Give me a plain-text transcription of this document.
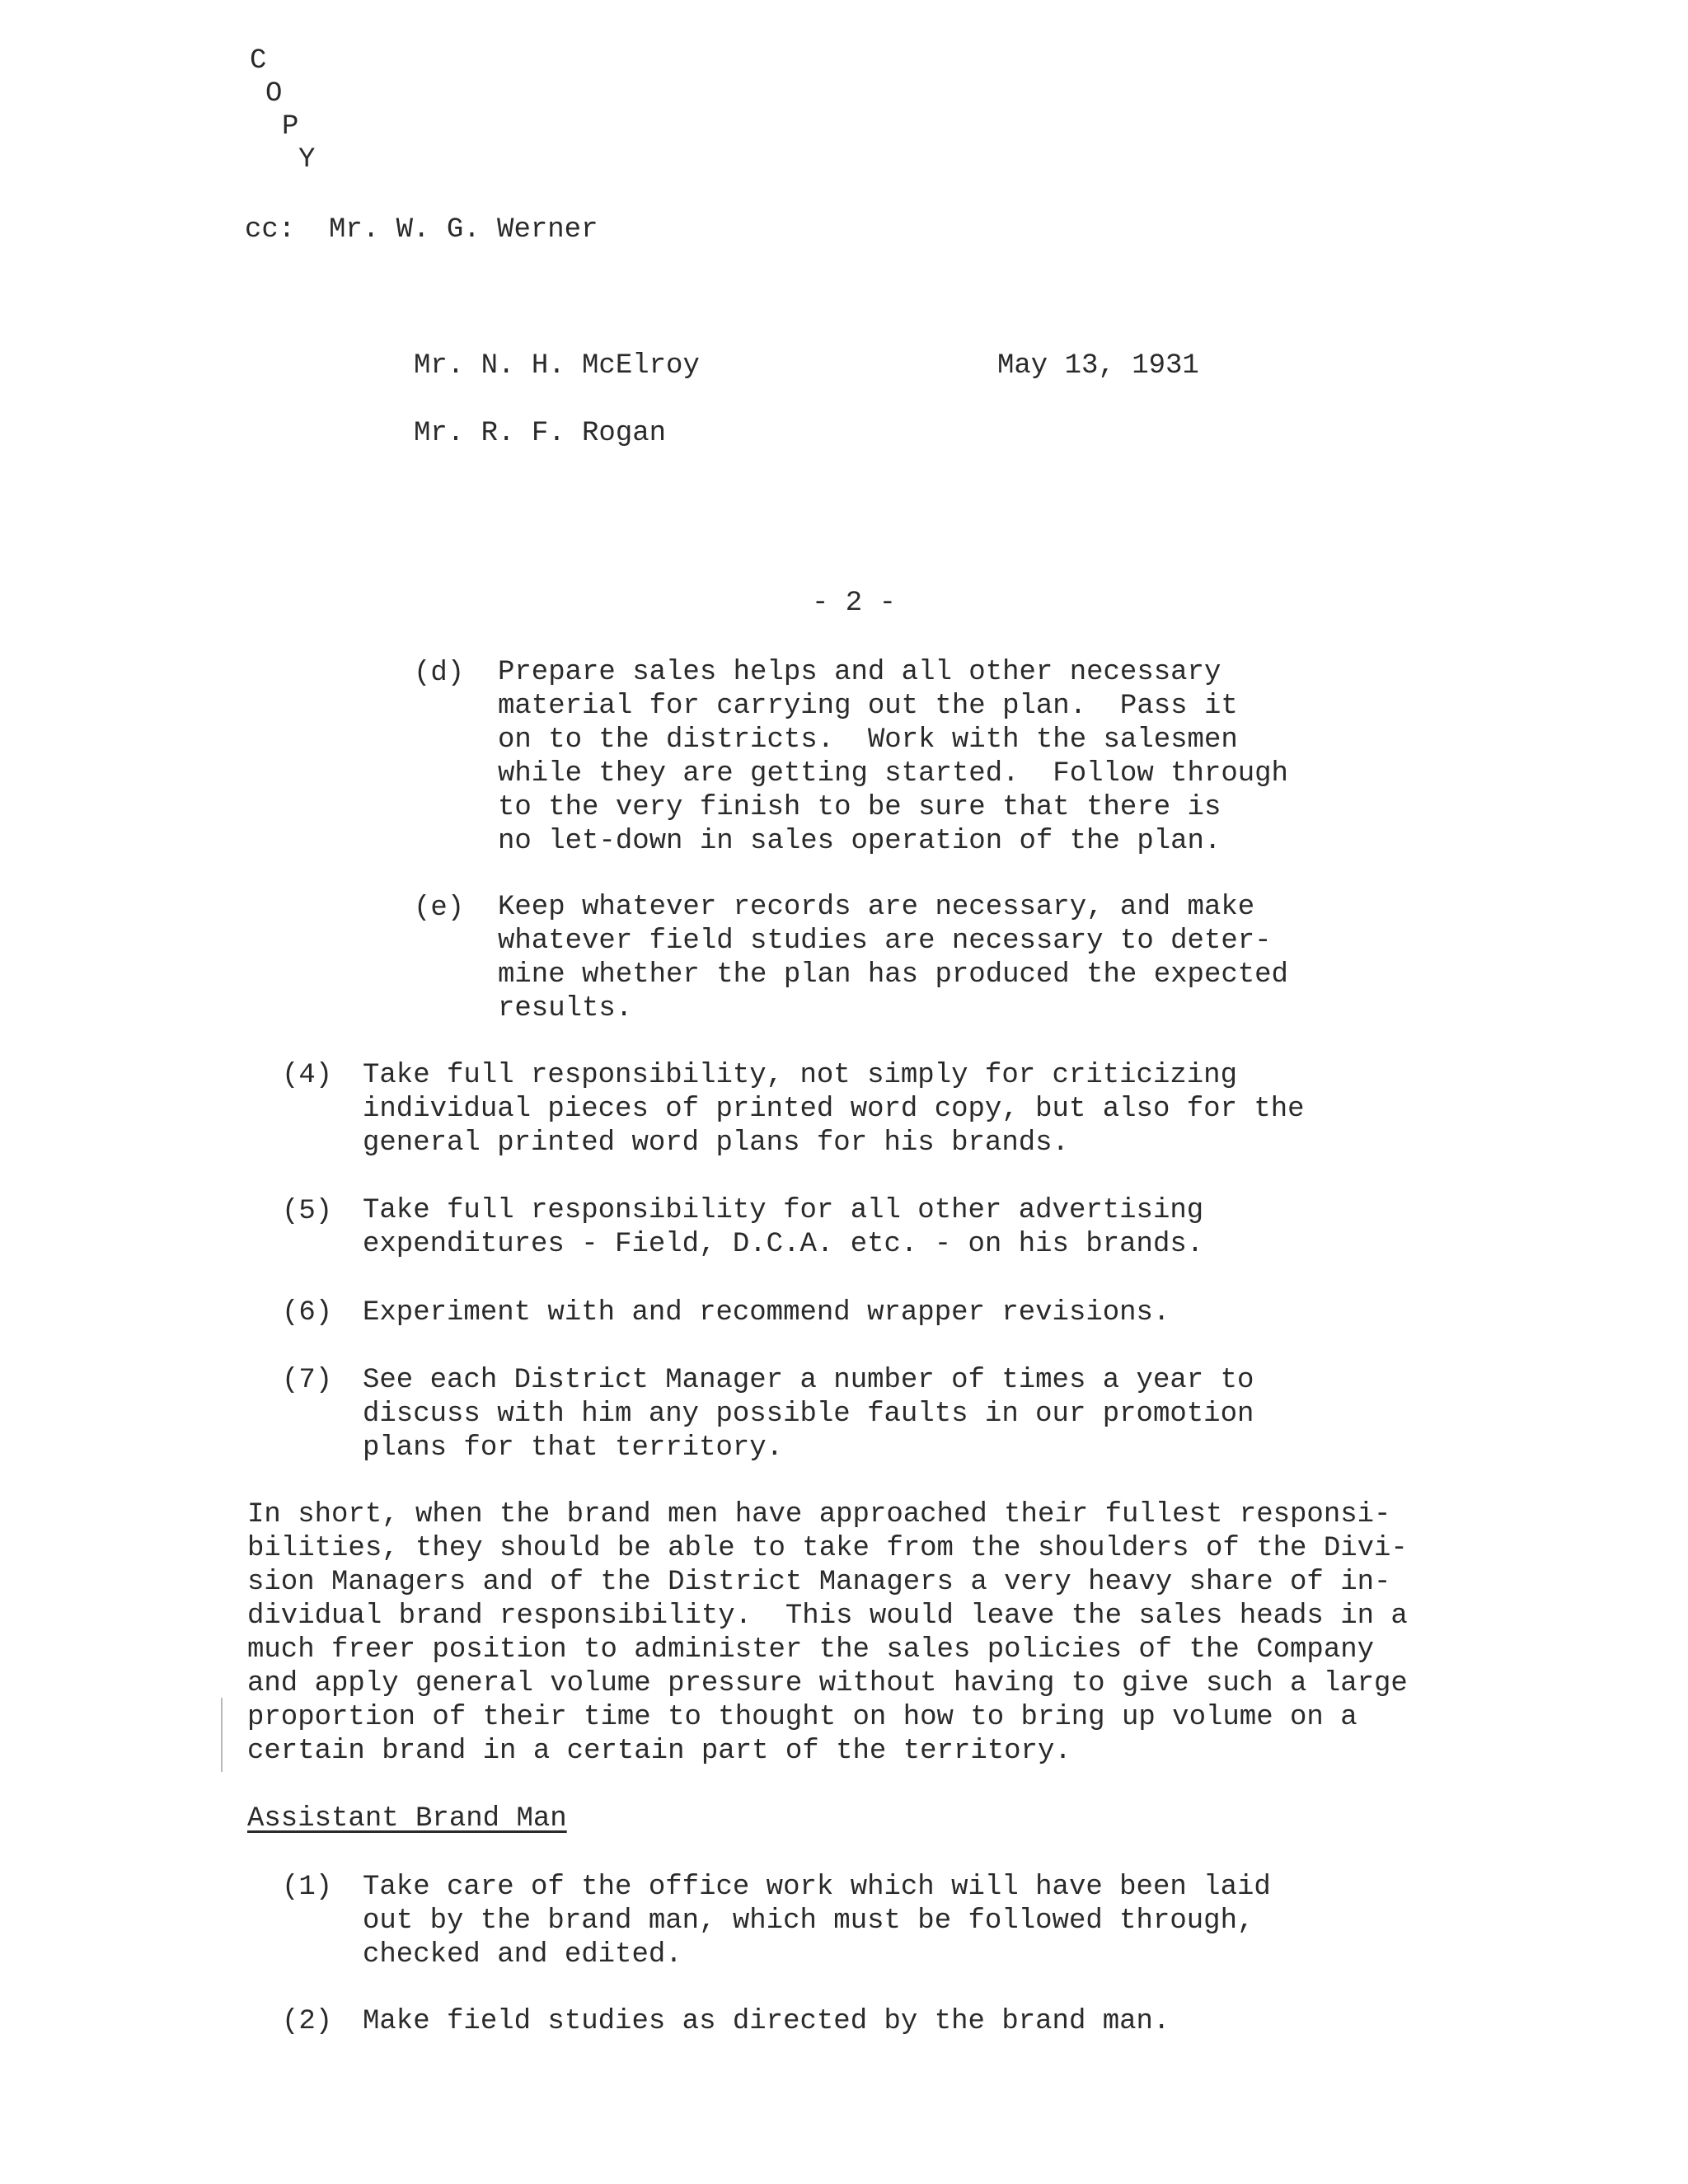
C
O
P
Y
cc:  Mr. W. G. Werner
Mr. N. H. McElroy
Mr. R. F. Rogan
May 13, 1931
- 2 -
(d) Prepare sales helps and all other necessary
material for carrying out the plan.  Pass it
on to the districts.  Work with the salesmen
while they are getting started.  Follow through
to the very finish to be sure that there is
no let-down in sales operation of the plan.
(e) Keep whatever records are necessary, and make
whatever field studies are necessary to deter-
mine whether the plan has produced the expected
results.
(4) Take full responsibility, not simply for criticizing
individual pieces of printed word copy, but also for the
general printed word plans for his brands.
(5) Take full responsibility for all other advertising
expenditures - Field, D.C.A. etc. - on his brands.
(6) Experiment with and recommend wrapper revisions.
(7) See each District Manager a number of times a year to
discuss with him any possible faults in our promotion
plans for that territory.
In short, when the brand men have approached their fullest responsi-
bilities, they should be able to take from the shoulders of the Divi-
sion Managers and of the District Managers a very heavy share of in-
dividual brand responsibility.  This would leave the sales heads in a
much freer position to administer the sales policies of the Company
and apply general volume pressure without having to give such a large
proportion of their time to thought on how to bring up volume on a
certain brand in a certain part of the territory.
Assistant Brand Man
(1) Take care of the office work which will have been laid
out by the brand man, which must be followed through,
checked and edited.
(2) Make field studies as directed by the brand man.
